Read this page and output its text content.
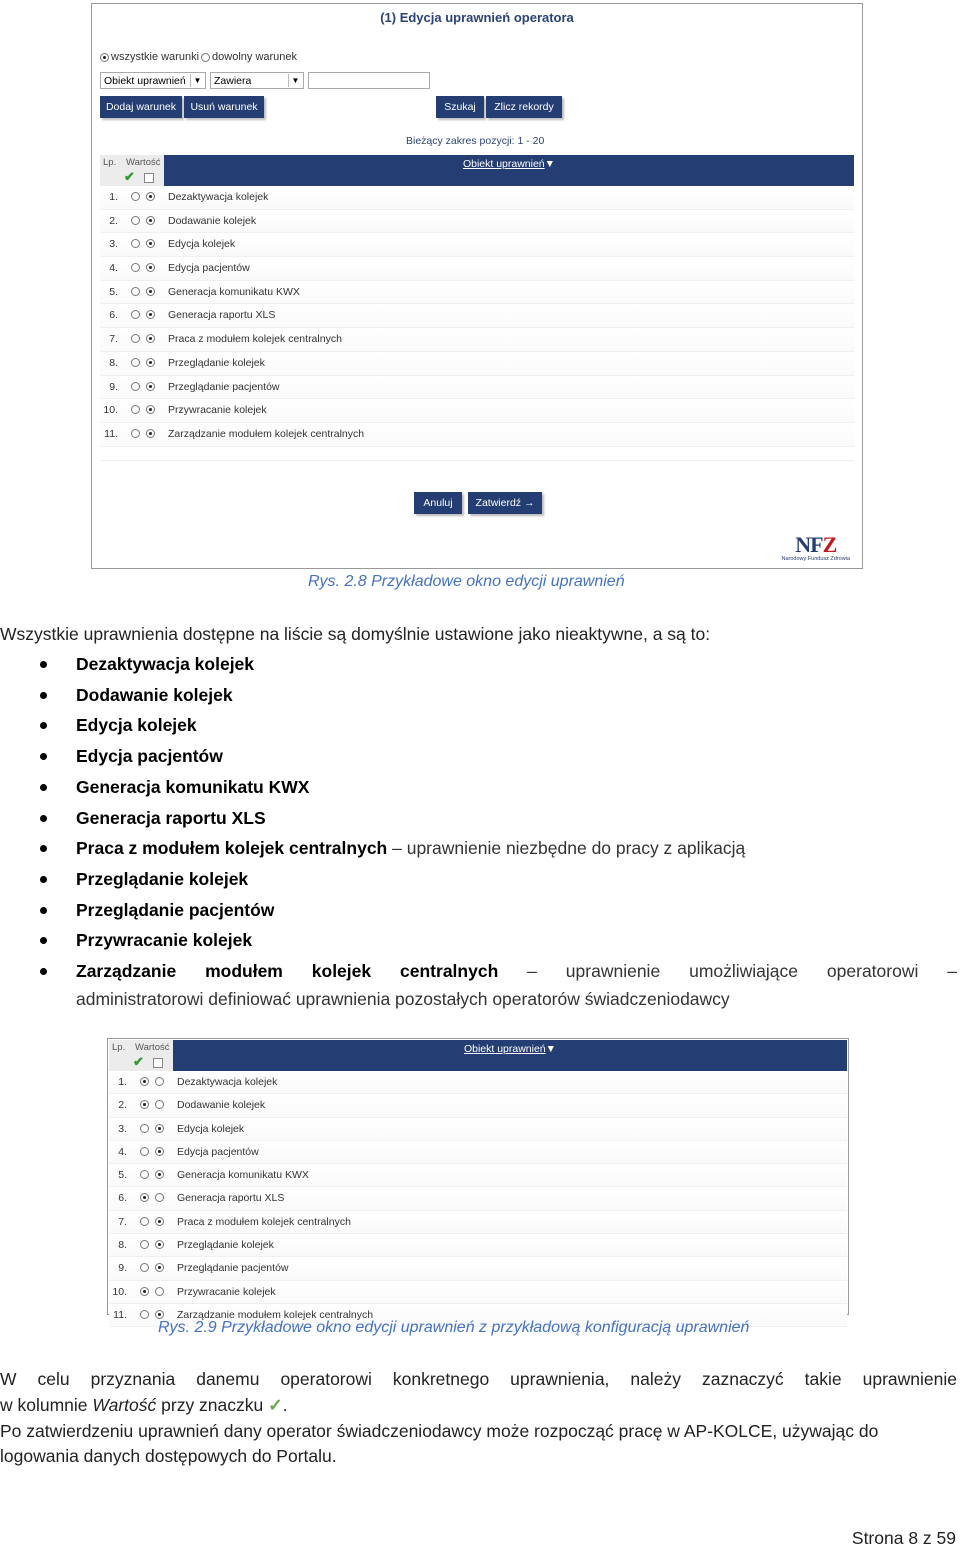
(1) Edycja uprawnień operatora
wszystkie warunki dowolny warunek
Obiekt uprawnień ▼	Zawiera	▼
Dodaj warunek	Usuń warunek	Szukaj	Zlicz rekordy
Bieżący zakres pozycji: 1 - 20
Lp.	Wartość
✔
Obiekt uprawnień▼
1.	Dezaktywacja kolejek
2.	Dodawanie kolejek
3.	Edycja kolejek
4.	Edycja pacjentów
5.	Generacja komunikatu KWX
6.	Generacja raportu XLS
7.	Praca z modułem kolejek centralnych
8.	Przeglądanie kolejek
9.	Przeglądanie pacjentów
10.	Przywracanie kolejek
11.	Zarządzanie modułem kolejek centralnych
Anuluj	Zatwierdź →
NFZ
Narodowy Fundusz Zdrowia
Rys. 2.8 Przykładowe okno edycji uprawnień
Wszystkie uprawnienia dostępne na liście są domyślnie ustawione jako nieaktywne, a są to:
Dezaktywacja kolejek
Dodawanie kolejek
Edycja kolejek
Edycja pacjentów
Generacja komunikatu KWX
Generacja raportu XLS
Praca z modułem kolejek centralnych – uprawnienie niezbędne do pracy z aplikacją
Przeglądanie kolejek
Przeglądanie pacjentów
Przywracanie kolejek
Zarządzanie modułem kolejek centralnych – uprawnienie umożliwiające operatorowi –
administratorowi definiować uprawnienia pozostałych operatorów świadczeniodawcy
Lp.	Wartość
✔
Obiekt uprawnień▼
1.	Dezaktywacja kolejek
2.	Dodawanie kolejek
3.	Edycja kolejek
4.	Edycja pacjentów
5.	Generacja komunikatu KWX
6.	Generacja raportu XLS
7.	Praca z modułem kolejek centralnych
8.	Przeglądanie kolejek
9.	Przeglądanie pacjentów
10.	Przywracanie kolejek
11.	Zarządzanie modułem kolejek centralnych
Rys. 2.9 Przykładowe okno edycji uprawnień z przykładową konfiguracją uprawnień
W celu przyznania danemu operatorowi konkretnego uprawnienia, należy zaznaczyć takie uprawnienie
w kolumnie Wartość przy znaczku ✓.
Po zatwierdzeniu uprawnień dany operator świadczeniodawcy może rozpocząć pracę w AP-KOLCE, używając do logowania danych dostępowych do Portalu.
Strona 8 z 59
